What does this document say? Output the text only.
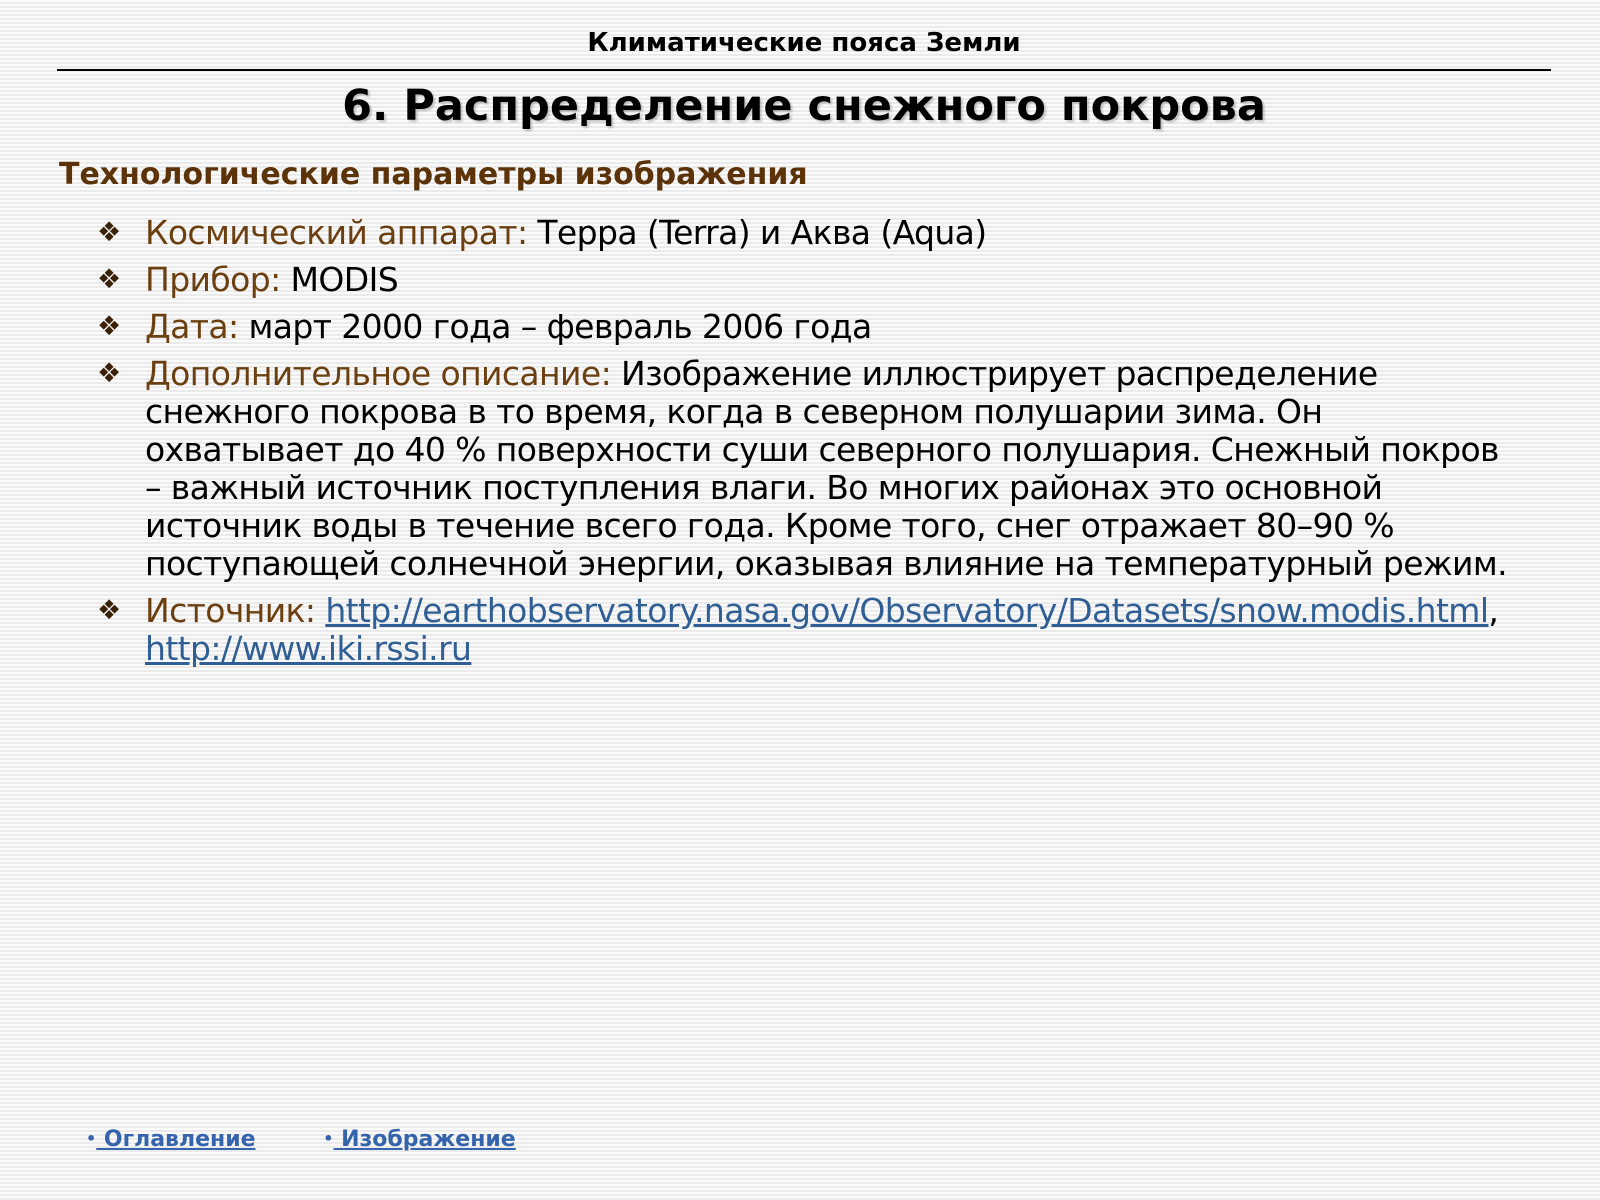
Климатические пояса Земли
6. Распределение снежного покрова
Технологические параметры изображения
❖ Космический аппарат: Терра (Terra) и Аква (Aqua)
❖ Прибор: MODIS
❖ Дата: март 2000 года – февраль 2006 года
❖ Дополнительное описание: Изображение иллюстрирует распределение снежного покрова в то время, когда в северном полушарии зима. Он охватывает до 40 % поверхности суши северного полушария. Снежный покров – важный источник поступления влаги. Во многих районах это основной источник воды в течение всего года. Кроме того, снег отражает 80–90 % поступающей солнечной энергии, оказывая влияние на температурный режим.
❖ Источник: http://earthobservatory.nasa.gov/Observatory/Datasets/snow.modis.html, http://www.iki.rssi.ru
• Оглавление	• Изображение
